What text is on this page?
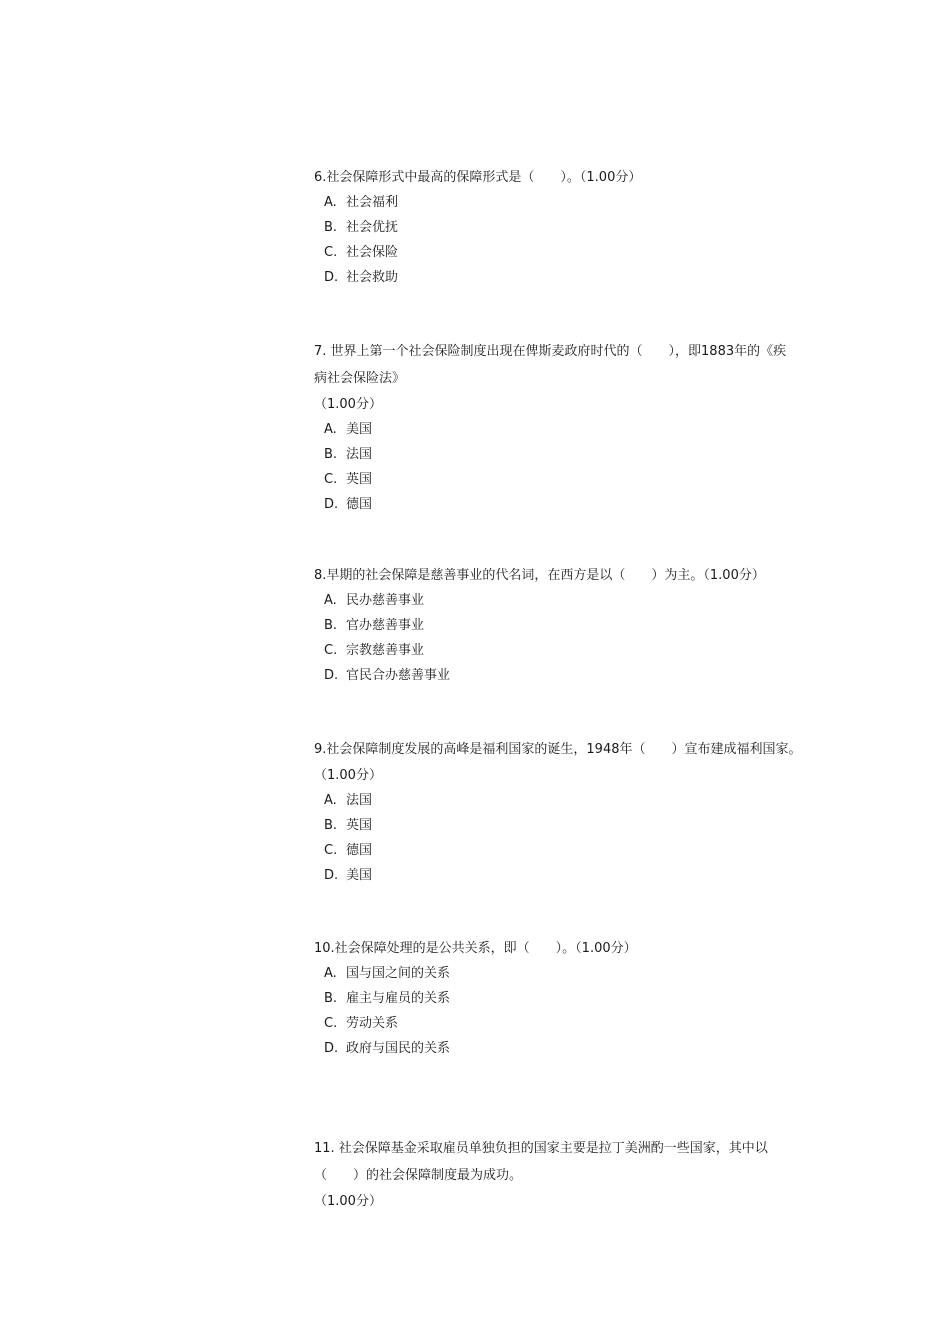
6.社会保障形式中最高的保障形式是（　　）。（1.00分）
A. 社会福利
B. 社会优抚
C. 社会保险
D. 社会救助
7. 世界上第一个社会保险制度出现在俾斯麦政府时代的（　　），即1883年的《疾
病社会保险法》
（1.00分）
A. 美国
B. 法国
C. 英国
D. 德国
8.早期的社会保障是慈善事业的代名词，在西方是以（　　）为主。（1.00分）
A. 民办慈善事业
B. 官办慈善事业
C. 宗教慈善事业
D. 官民合办慈善事业
9.社会保障制度发展的高峰是福利国家的诞生，1948年（　　）宣布建成福利国家。
（1.00分）
A. 法国
B. 英国
C. 德国
D. 美国
10.社会保障处理的是公共关系，即（　　）。（1.00分）
A. 国与国之间的关系
B. 雇主与雇员的关系
C. 劳动关系
D. 政府与国民的关系
11. 社会保障基金采取雇员单独负担的国家主要是拉丁美洲酌一些国家，其中以
（　　）的社会保障制度最为成功。
（1.00分）
